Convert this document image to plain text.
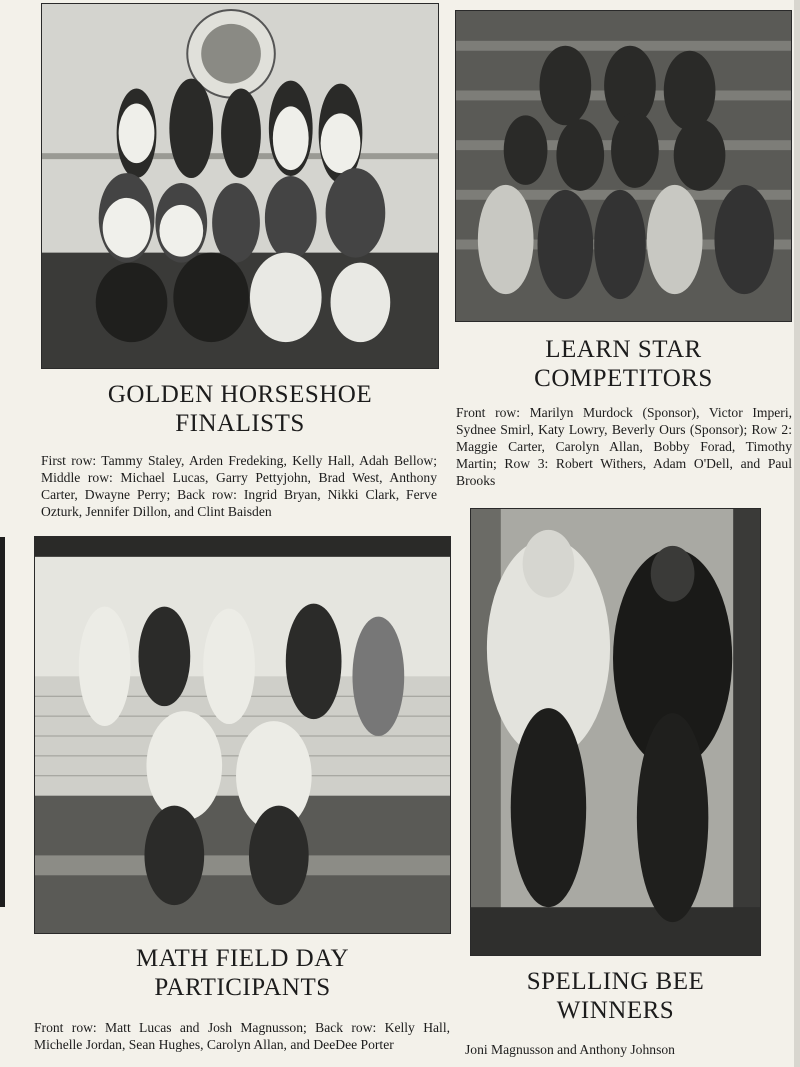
GOLDEN HORSESHOE
FINALISTS

First row: Tammy Staley, Arden Fredeking, Kelly Hall, Adah Bellow; Middle row: Michael Lucas, Garry Pettyjohn, Brad West, Anthony Carter, Dwayne Perry; Back row: Ingrid Bryan, Nikki Clark, Ferve Ozturk, Jennifer Dillon, and Clint Baisden

LEARN STAR
COMPETITORS

Front row: Marilyn Murdock (Sponsor), Victor Imperi, Sydnee Smirl, Katy Lowry, Beverly Ours (Sponsor); Row 2: Maggie Carter, Carolyn Allan, Bobby Forad, Timothy Martin; Row 3: Robert Withers, Adam O'Dell, and Paul Brooks

MATH FIELD DAY
PARTICIPANTS

Front row: Matt Lucas and Josh Magnusson; Back row: Kelly Hall, Michelle Jordan, Sean Hughes, Carolyn Allan, and DeeDee Porter

SPELLING BEE
WINNERS

Joni Magnusson and Anthony Johnson
